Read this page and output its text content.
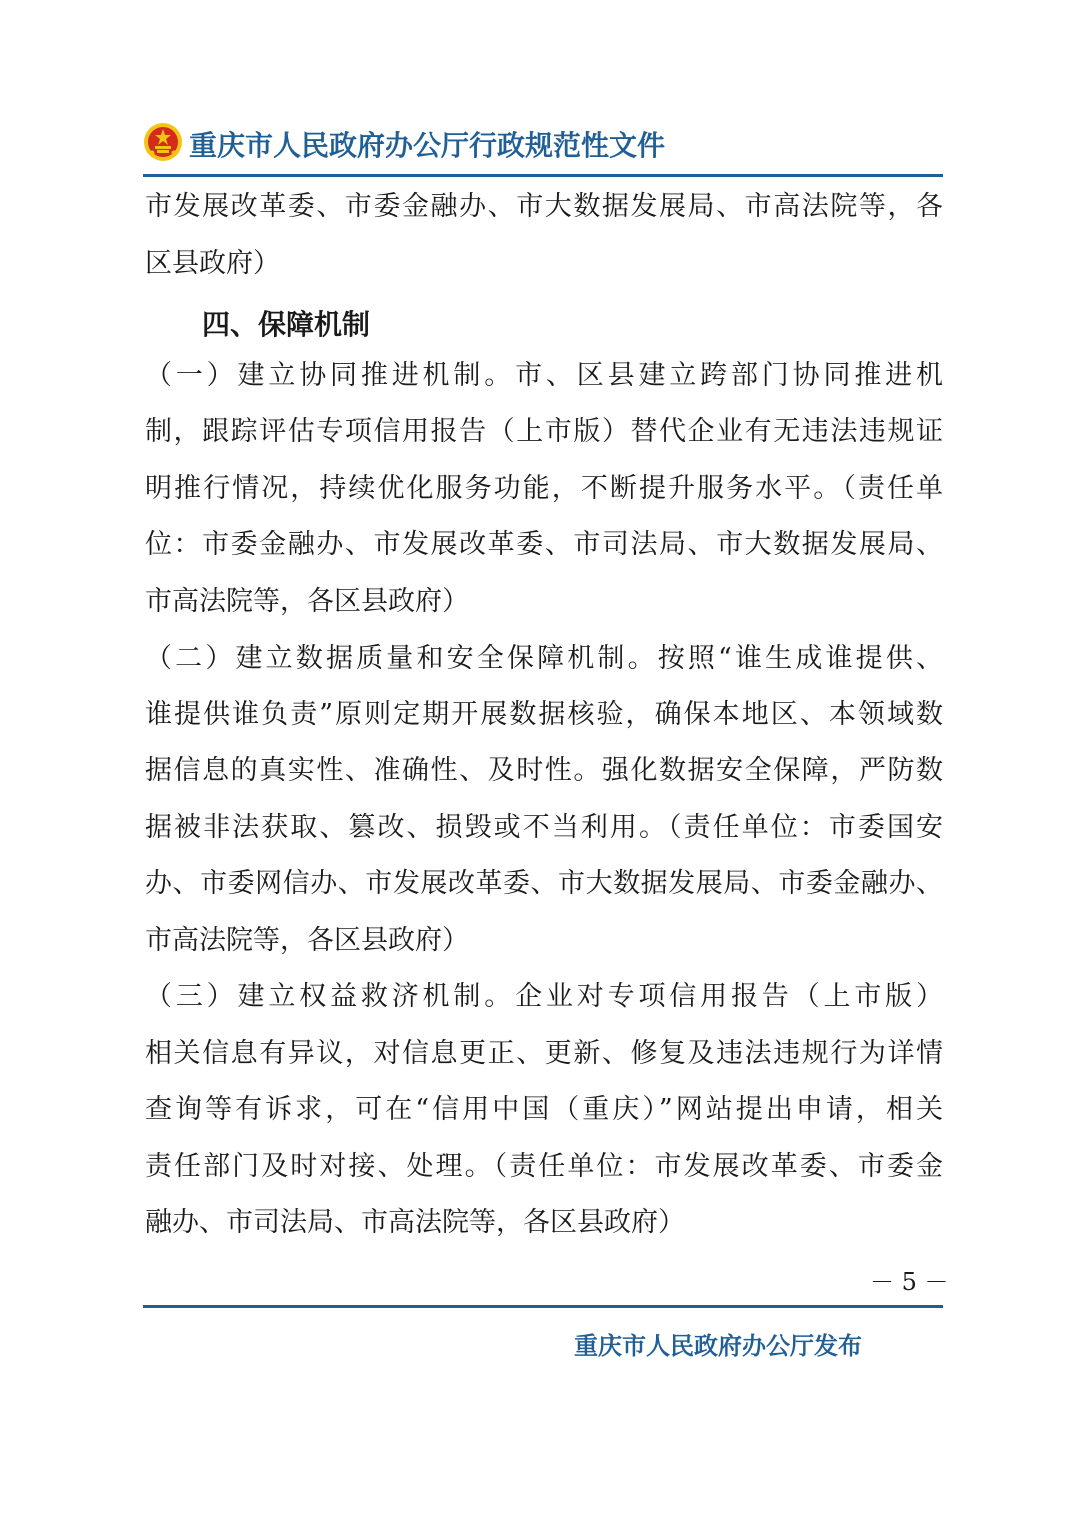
重庆市人民政府办公厅行政规范性文件
市发展改革委、市委金融办、市大数据发展局、市高法院等，各
区县政府）
四、保障机制
（一）建立协同推进机制。市、区县建立跨部门协同推进机
制，跟踪评估专项信用报告（上市版）替代企业有无违法违规证
明推行情况，持续优化服务功能，不断提升服务水平。（责任单
位：市委金融办、市发展改革委、市司法局、市大数据发展局、
市高法院等，各区县政府）
（二）建立数据质量和安全保障机制。按照“谁生成谁提供、
谁提供谁负责”原则定期开展数据核验，确保本地区、本领域数
据信息的真实性、准确性、及时性。强化数据安全保障，严防数
据被非法获取、篡改、损毁或不当利用。（责任单位：市委国安
办、市委网信办、市发展改革委、市大数据发展局、市委金融办、
市高法院等，各区县政府）
（三）建立权益救济机制。企业对专项信用报告（上市版）
相关信息有异议，对信息更正、更新、修复及违法违规行为详情
查询等有诉求，可在“信用中国（重庆）”网站提出申请，相关
责任部门及时对接、处理。（责任单位：市发展改革委、市委金
融办、市司法局、市高法院等，各区县政府）
－ 5 －
重庆市人民政府办公厅发布
